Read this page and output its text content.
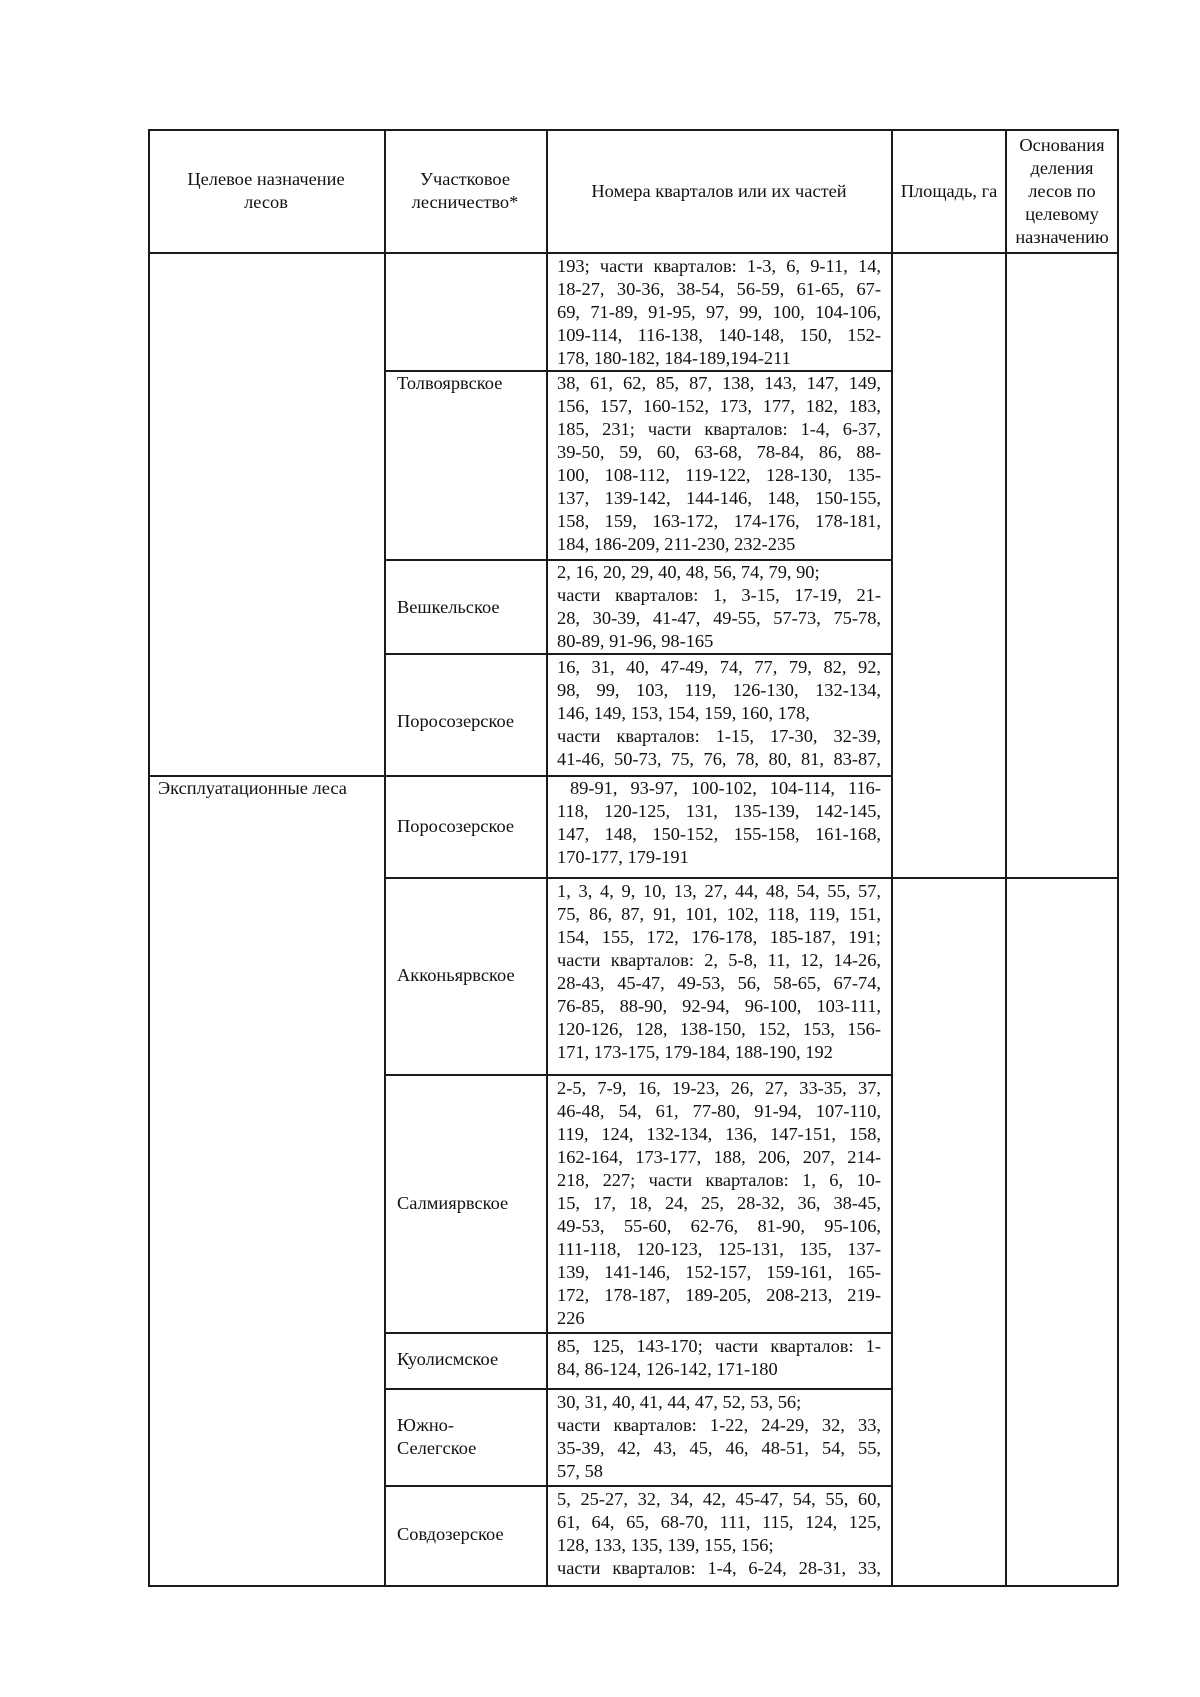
Целевое назначение лесов
Участковое лесничество*
Номера кварталов или их частей	Площадь, га
Основания деления лесов по целевому назначению
Эксплуатационные леса
193; части кварталов: 1-3, 6, 9-11, 14,
18-27, 30-36, 38-54, 56-59, 61-65, 67-
69, 71-89, 91-95, 97, 99, 100, 104-106,
109-114, 116-138, 140-148, 150, 152-
178, 180-182, 184-189,194-211
Толвоярвское	38, 61, 62, 85, 87, 138, 143, 147, 149,
156, 157, 160-152, 173, 177, 182, 183,
185, 231; части кварталов: 1-4, 6-37,
39-50, 59, 60, 63-68, 78-84, 86, 88-
100, 108-112, 119-122, 128-130, 135-
137, 139-142, 144-146, 148, 150-155,
158, 159, 163-172, 174-176, 178-181,
184, 186-209, 211-230, 232-235
Вешкельское
2, 16, 20, 29, 40, 48, 56, 74, 79, 90;
части кварталов: 1, 3-15, 17-19, 21-
28, 30-39, 41-47, 49-55, 57-73, 75-78,
80-89, 91-96, 98-165
Поросозерское
16, 31, 40, 47-49, 74, 77, 79, 82, 92,
98, 99, 103, 119, 126-130, 132-134,
146, 149, 153, 154, 159, 160, 178,
части кварталов: 1-15, 17-30, 32-39,
41-46, 50-73, 75, 76, 78, 80, 81, 83-87,
Поросозерское
89-91, 93-97, 100-102, 104-114, 116-
118, 120-125, 131, 135-139, 142-145,
147, 148, 150-152, 155-158, 161-168,
170-177, 179-191
Акконьярвское
1, 3, 4, 9, 10, 13, 27, 44, 48, 54, 55, 57,
75, 86, 87, 91, 101, 102, 118, 119, 151,
154, 155, 172, 176-178, 185-187, 191;
части кварталов: 2, 5-8, 11, 12, 14-26,
28-43, 45-47, 49-53, 56, 58-65, 67-74,
76-85, 88-90, 92-94, 96-100, 103-111,
120-126, 128, 138-150, 152, 153, 156-
171, 173-175, 179-184, 188-190, 192
Салмиярвское
2-5, 7-9, 16, 19-23, 26, 27, 33-35, 37,
46-48, 54, 61, 77-80, 91-94, 107-110,
119, 124, 132-134, 136, 147-151, 158,
162-164, 173-177, 188, 206, 207, 214-
218, 227; части кварталов: 1, 6, 10-
15, 17, 18, 24, 25, 28-32, 36, 38-45,
49-53, 55-60, 62-76, 81-90, 95-106,
111-118, 120-123, 125-131, 135, 137-
139, 141-146, 152-157, 159-161, 165-
172, 178-187, 189-205, 208-213, 219-
226
Куолисмское
85, 125, 143-170; части кварталов: 1-
84, 86-124, 126-142, 171-180
Южно-
Селегское
30, 31, 40, 41, 44, 47, 52, 53, 56;
части кварталов: 1-22, 24-29, 32, 33,
35-39, 42, 43, 45, 46, 48-51, 54, 55,
57, 58
Совдозерское
5, 25-27, 32, 34, 42, 45-47, 54, 55, 60,
61, 64, 65, 68-70, 111, 115, 124, 125,
128, 133, 135, 139, 155, 156;
части кварталов: 1-4, 6-24, 28-31, 33,
